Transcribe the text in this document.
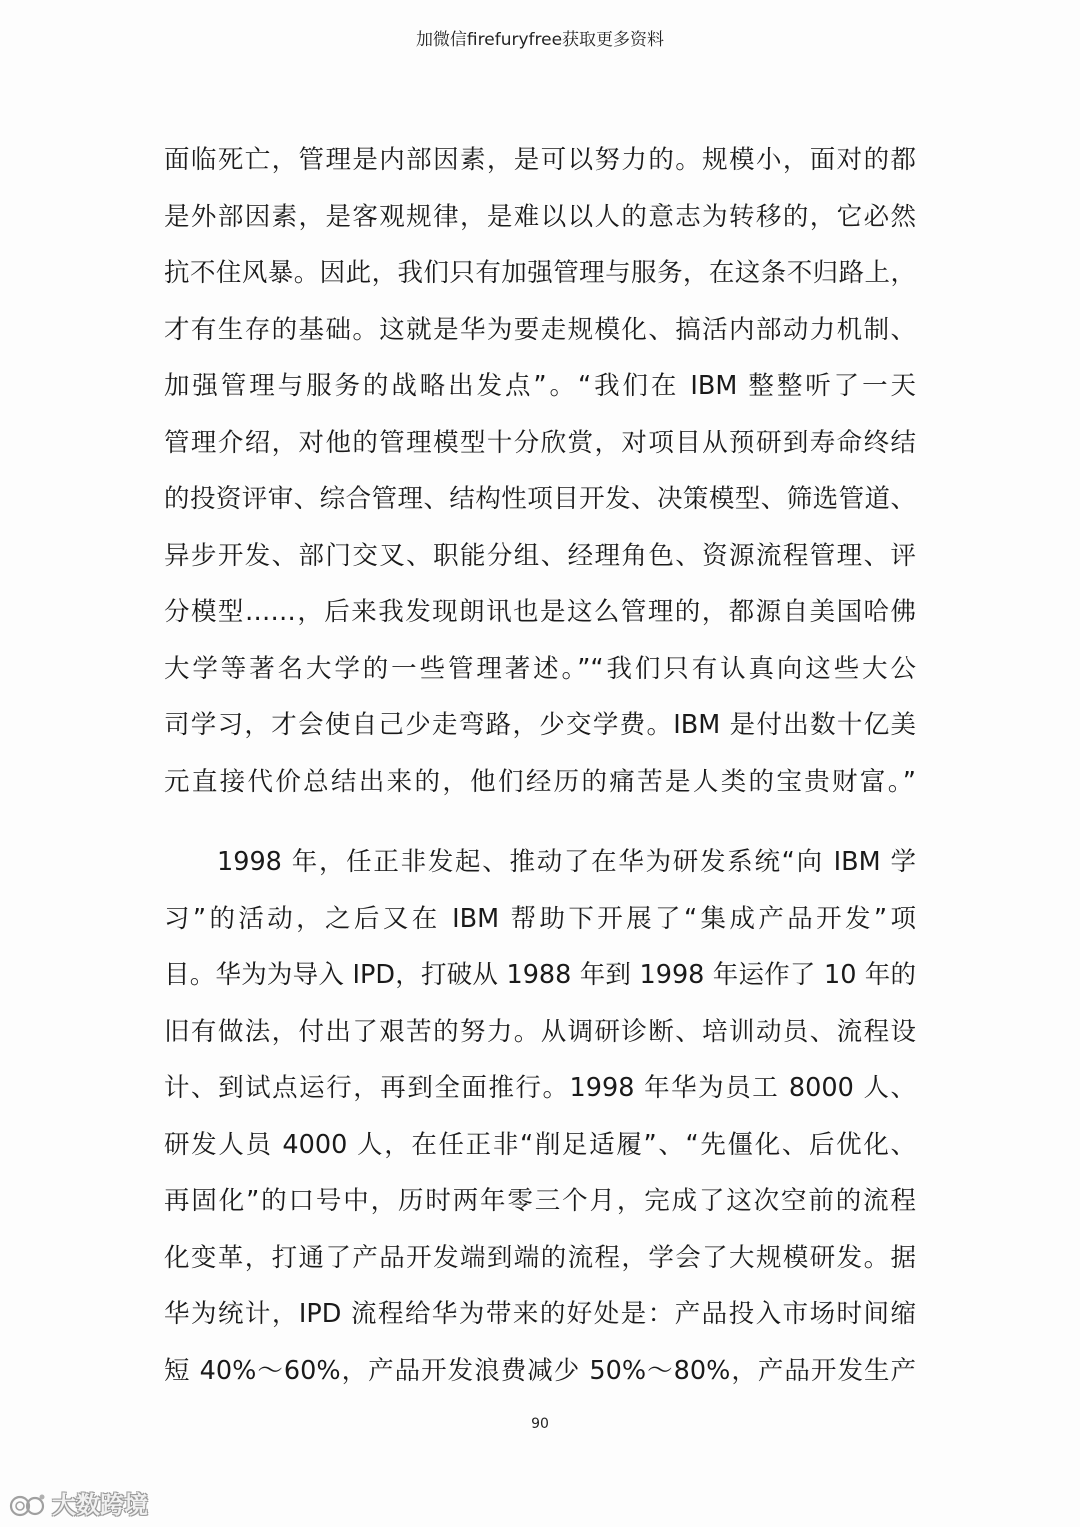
加微信firefuryfree获取更多资料
面临死亡，管理是内部因素，是可以努力的。规模小，面对的都
是外部因素，是客观规律，是难以以人的意志为转移的，它必然
抗不住风暴。因此，我们只有加强管理与服务，在这条不归路上，
才有生存的基础。这就是华为要走规模化、搞活内部动力机制、
加强管理与服务的战略出发点”。“我们在 IBM 整整听了一天
管理介绍，对他的管理模型十分欣赏，对项目从预研到寿命终结
的投资评审、综合管理、结构性项目开发、决策模型、筛选管道、
异步开发、部门交叉、职能分组、经理角色、资源流程管理、评
分模型……，后来我发现朗讯也是这么管理的，都源自美国哈佛
大学等著名大学的一些管理著述。”“我们只有认真向这些大公
司学习，才会使自己少走弯路，少交学费。IBM 是付出数十亿美
元直接代价总结出来的，他们经历的痛苦是人类的宝贵财富。”
1998 年，任正非发起、推动了在华为研发系统“向 IBM 学
习”的活动，之后又在 IBM 帮助下开展了“集成产品开发”项
目。华为为导入 IPD，打破从 1988 年到 1998 年运作了 10 年的
旧有做法，付出了艰苦的努力。从调研诊断、培训动员、流程设
计、到试点运行，再到全面推行。1998 年华为员工 8000 人、
研发人员 4000 人，在任正非“削足适履”、“先僵化、后优化、
再固化”的口号中，历时两年零三个月，完成了这次空前的流程
化变革，打通了产品开发端到端的流程，学会了大规模研发。据
华为统计，IPD 流程给华为带来的好处是：产品投入市场时间缩
短 40%～60%，产品开发浪费减少 50%～80%，产品开发生产
90
大数跨境
